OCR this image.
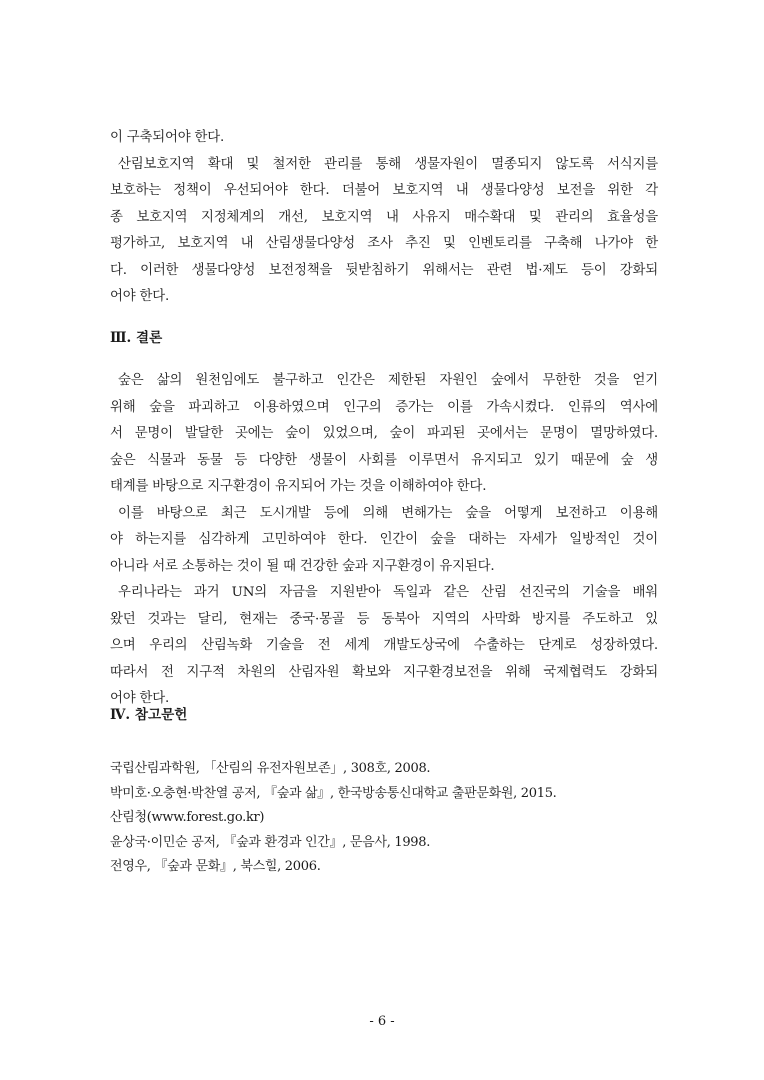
이 구축되어야 한다.
산림보호지역 확대 및 철저한 관리를 통해 생물자원이 멸종되지 않도록 서식지를
보호하는 정책이 우선되어야 한다. 더불어 보호지역 내 생물다양성 보전을 위한 각
종 보호지역 지정체계의 개선, 보호지역 내 사유지 매수확대 및 관리의 효율성을
평가하고, 보호지역 내 산림생물다양성 조사 추진 및 인벤토리를 구축해 나가야 한
다. 이러한 생물다양성 보전정책을 뒷받침하기 위해서는 관련 법·제도 등이 강화되
어야 한다.
Ⅲ. 결론
숲은 삶의 원천임에도 불구하고 인간은 제한된 자원인 숲에서 무한한 것을 얻기
위해 숲을 파괴하고 이용하였으며 인구의 증가는 이를 가속시켰다. 인류의 역사에
서 문명이 발달한 곳에는 숲이 있었으며, 숲이 파괴된 곳에서는 문명이 멸망하였다.
숲은 식물과 동물 등 다양한 생물이 사회를 이루면서 유지되고 있기 때문에 숲 생
태계를 바탕으로 지구환경이 유지되어 가는 것을 이해하여야 한다.
이를 바탕으로 최근 도시개발 등에 의해 변해가는 숲을 어떻게 보전하고 이용해
야 하는지를 심각하게 고민하여야 한다. 인간이 숲을 대하는 자세가 일방적인 것이
아니라 서로 소통하는 것이 될 때 건강한 숲과 지구환경이 유지된다.
우리나라는 과거 UN의 자금을 지원받아 독일과 같은 산림 선진국의 기술을 배워
왔던 것과는 달리, 현재는 중국·몽골 등 동북아 지역의 사막화 방지를 주도하고 있
으며 우리의 산림녹화 기술을 전 세계 개발도상국에 수출하는 단계로 성장하였다.
따라서 전 지구적 차원의 산림자원 확보와 지구환경보전을 위해 국제협력도 강화되
어야 한다.
Ⅳ. 참고문헌
국립산림과학원, 「산림의 유전자원보존」, 308호, 2008.
박미호·오충현·박찬열 공저, 『숲과 삶』, 한국방송통신대학교 출판문화원, 2015.
산림청(www.forest.go.kr)
윤상국·이민순 공저, 『숲과 환경과 인간』, 문음사, 1998.
전영우, 『숲과 문화』, 북스힐, 2006.
- 6 -
